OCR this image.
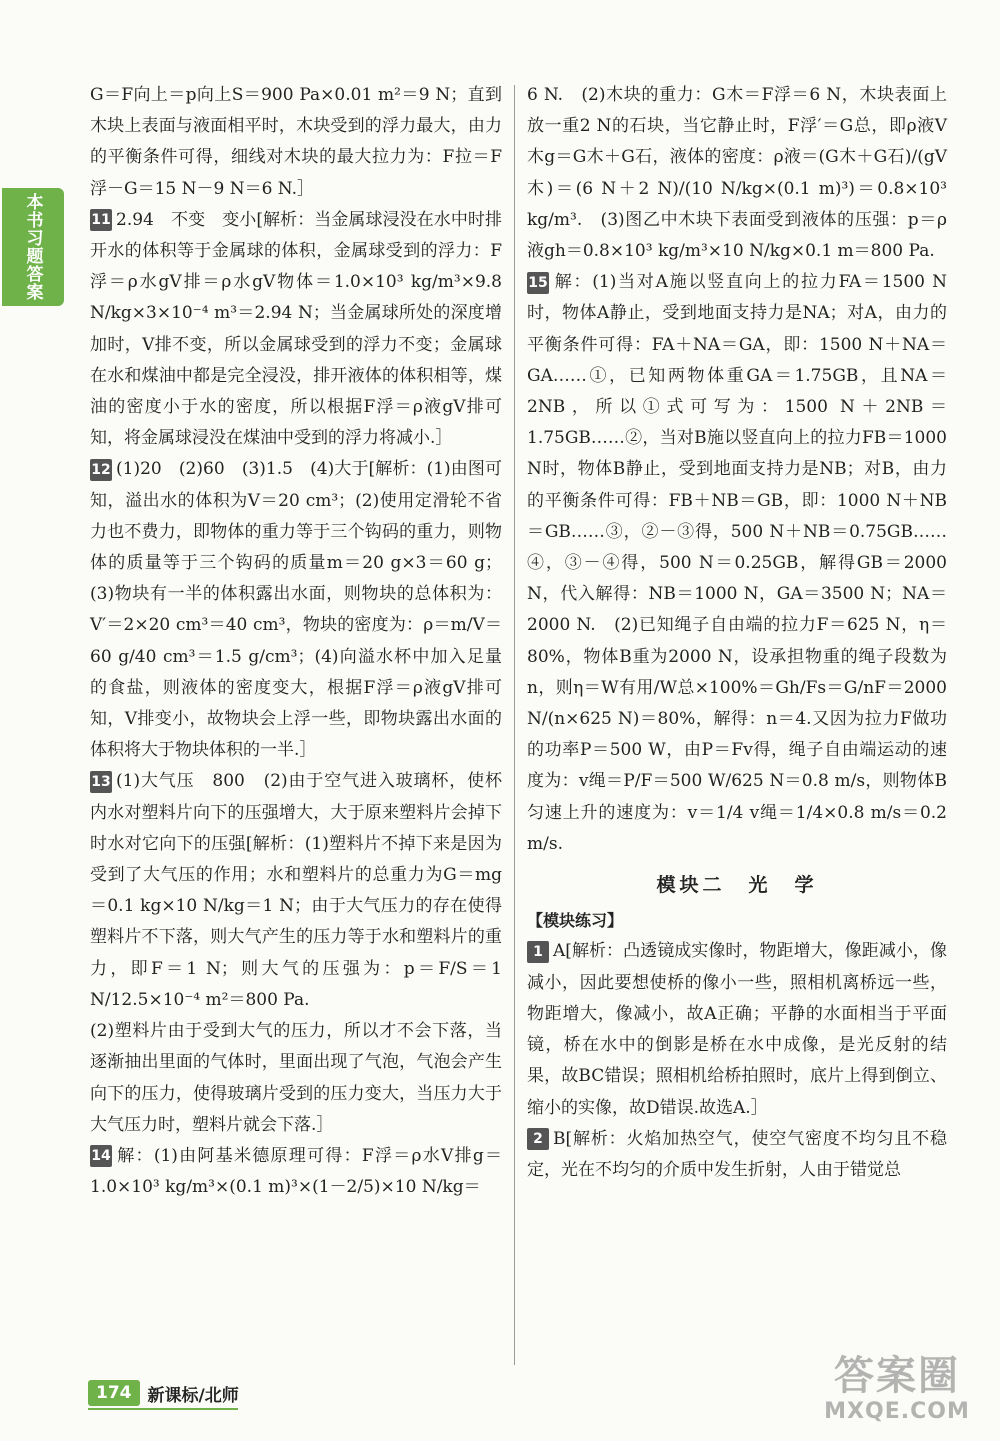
本书习题答案

G＝F向上＝p向上S＝900 Pa×0.01 m²＝9 N；直到木块上表面与液面相平时，木块受到的浮力最大，由力的平衡条件可得，细线对木块的最大拉力为：F拉＝F浮－G＝15 N－9 N＝6 N.］

11 2.94　不变　变小[解析：当金属球浸没在水中时排开水的体积等于金属球的体积，金属球受到的浮力：F浮＝ρ水gV排＝ρ水gV物体＝1.0×10³ kg/m³×9.8 N/kg×3×10⁻⁴ m³＝2.94 N；当金属球所处的深度增加时，V排不变，所以金属球受到的浮力不变；金属球在水和煤油中都是完全浸没，排开液体的体积相等，煤油的密度小于水的密度，所以根据F浮＝ρ液gV排可知，将金属球浸没在煤油中受到的浮力将减小.］

12 (1)20　(2)60　(3)1.5　(4)大于[解析：(1)由图可知，溢出水的体积为V＝20 cm³；(2)使用定滑轮不省力也不费力，即物体的重力等于三个钩码的重力，则物体的质量等于三个钩码的质量m＝20 g×3＝60 g；(3)物块有一半的体积露出水面，则物块的总体积为：V′＝2×20 cm³＝40 cm³，物块的密度为：ρ＝m/V＝60 g/40 cm³＝1.5 g/cm³；(4)向溢水杯中加入足量的食盐，则液体的密度变大，根据F浮＝ρ液gV排可知，V排变小，故物块会上浮一些，即物块露出水面的体积将大于物块体积的一半.］

13 (1)大气压　800　(2)由于空气进入玻璃杯，使杯内水对塑料片向下的压强增大，大于原来塑料片会掉下时水对它向下的压强[解析：(1)塑料片不掉下来是因为受到了大气压的作用；水和塑料片的总重力为G＝mg＝0.1 kg×10 N/kg＝1 N；由于大气压力的存在使得塑料片不下落，则大气产生的压力等于水和塑料片的重力，即F＝1 N；则大气的压强为：p＝F/S＝1 N/12.5×10⁻⁴ m²＝800 Pa.

(2)塑料片由于受到大气的压力，所以才不会下落，当逐渐抽出里面的气体时，里面出现了气泡，气泡会产生向下的压力，使得玻璃片受到的压力变大，当压力大于大气压力时，塑料片就会下落.］

14 解：(1)由阿基米德原理可得：F浮＝ρ水V排g＝1.0×10³ kg/m³×(0.1 m)³×(1－2/5)×10 N/kg＝

6 N.　(2)木块的重力：G木＝F浮＝6 N，木块表面上放一重2 N的石块，当它静止时，F浮′＝G总，即ρ液V木g＝G木＋G石，液体的密度：ρ液＝(G木＋G石)/(gV木)＝(6 N＋2 N)/(10 N/kg×(0.1 m)³)＝0.8×10³ kg/m³.　(3)图乙中木块下表面受到液体的压强：p＝ρ液gh＝0.8×10³ kg/m³×10 N/kg×0.1 m＝800 Pa.

15 解：(1)当对A施以竖直向上的拉力FA＝1500 N时，物体A静止，受到地面支持力是NA；对A，由力的平衡条件可得：FA＋NA＝GA，即：1500 N＋NA＝GA……①，已知两物体重GA＝1.75GB，且NA＝2NB，所以①式可写为：1500 N＋2NB＝1.75GB……②，当对B施以竖直向上的拉力FB＝1000 N时，物体B静止，受到地面支持力是NB；对B，由力的平衡条件可得：FB＋NB＝GB，即：1000 N＋NB＝GB……③，②－③得，500 N＋NB＝0.75GB……④，③－④得，500 N＝0.25GB，解得GB＝2000 N，代入解得：NB＝1000 N，GA＝3500 N；NA＝2000 N.　(2)已知绳子自由端的拉力F＝625 N，η＝80%，物体B重为2000 N，设承担物重的绳子段数为n，则η＝W有用/W总×100%＝Gh/Fs＝G/nF＝2000 N/(n×625 N)＝80%，解得：n＝4.又因为拉力F做功的功率P＝500 W，由P＝Fv得，绳子自由端运动的速度为：v绳＝P/F＝500 W/625 N＝0.8 m/s，则物体B匀速上升的速度为：v＝1/4 v绳＝1/4×0.8 m/s＝0.2 m/s.

模块二　光　学

【模块练习】

1 A[解析：凸透镜成实像时，物距增大，像距减小，像减小，因此要想使桥的像小一些，照相机离桥远一些，物距增大，像减小，故A正确；平静的水面相当于平面镜，桥在水中的倒影是桥在水中成像，是光反射的结果，故BC错误；照相机给桥拍照时，底片上得到倒立、缩小的实像，故D错误.故选A.］

2 B[解析：火焰加热空气，使空气密度不均匀且不稳定，光在不均匀的介质中发生折射，人由于错觉总

174 新课标/北师	答案圈
MXQE.COM
